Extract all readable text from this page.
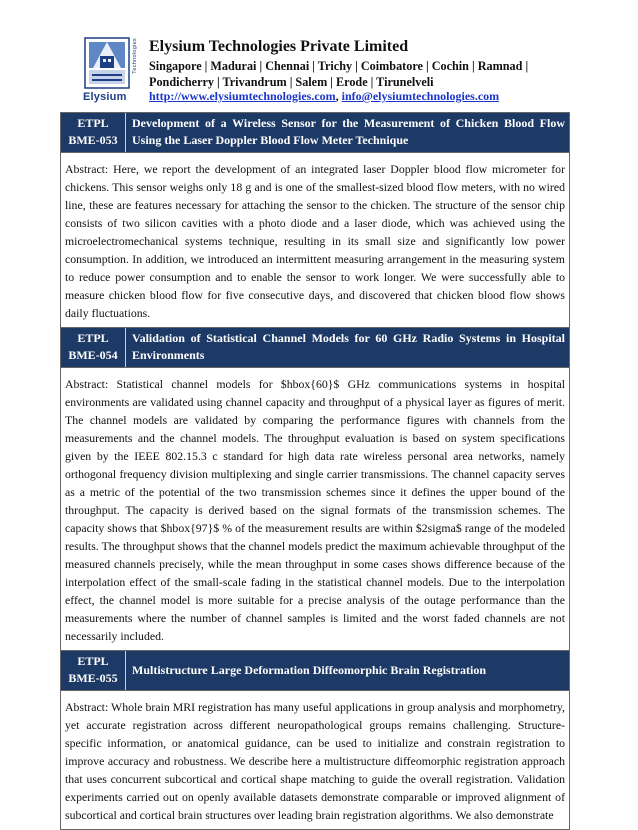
Technologies
Elysium
Elysium Technologies Private Limited
Singapore | Madurai | Chennai | Trichy | Coimbatore | Cochin | Ramnad | Pondicherry | Trivandrum | Salem | Erode | Tirunelveli
http://www.elysiumtechnologies.com, info@elysiumtechnologies.com
ETPL
BME-053
Development of a Wireless Sensor for the Measurement of Chicken Blood Flow Using the Laser Doppler Blood Flow Meter Technique
Abstract: Here, we report the development of an integrated laser Doppler blood flow micrometer for chickens. This sensor weighs only 18 g and is one of the smallest-sized blood flow meters, with no wired line, these are features necessary for attaching the sensor to the chicken. The structure of the sensor chip consists of two silicon cavities with a photo diode and a laser diode, which was achieved using the microelectromechanical systems technique, resulting in its small size and significantly low power consumption. In addition, we introduced an intermittent measuring arrangement in the measuring system to reduce power consumption and to enable the sensor to work longer. We were successfully able to measure chicken blood flow for five consecutive days, and discovered that chicken blood flow shows daily fluctuations.
ETPL
BME-054
Validation of Statistical Channel Models for 60 GHz Radio Systems in Hospital Environments
Abstract: Statistical channel models for $hbox{60}$ GHz communications systems in hospital environments are validated using channel capacity and throughput of a physical layer as figures of merit. The channel models are validated by comparing the performance figures with channels from the measurements and the channel models. The throughput evaluation is based on system specifications given by the IEEE 802.15.3 c standard for high data rate wireless personal area networks, namely orthogonal frequency division multiplexing and single carrier transmissions. The channel capacity serves as a metric of the potential of the two transmission schemes since it defines the upper bound of the throughput. The capacity is derived based on the signal formats of the transmission schemes. The capacity shows that $hbox{97}$ % of the measurement results are within $2sigma$ range of the modeled results. The throughput shows that the channel models predict the maximum achievable throughput of the measured channels precisely, while the mean throughput in some cases shows difference because of the interpolation effect of the small-scale fading in the statistical channel models. Due to the interpolation effect, the channel model is more suitable for a precise analysis of the outage performance than the measurements where the number of channel samples is limited and the worst faded channels are not necessarily included.
ETPL
BME-055
Multistructure Large Deformation Diffeomorphic Brain Registration
Abstract: Whole brain MRI registration has many useful applications in group analysis and morphometry, yet accurate registration across different neuropathological groups remains challenging. Structure-specific information, or anatomical guidance, can be used to initialize and constrain registration to improve accuracy and robustness. We describe here a multistructure diffeomorphic registration approach that uses concurrent subcortical and cortical shape matching to guide the overall registration. Validation experiments carried out on openly available datasets demonstrate comparable or improved alignment of subcortical and cortical brain structures over leading brain registration algorithms. We also demonstrate
